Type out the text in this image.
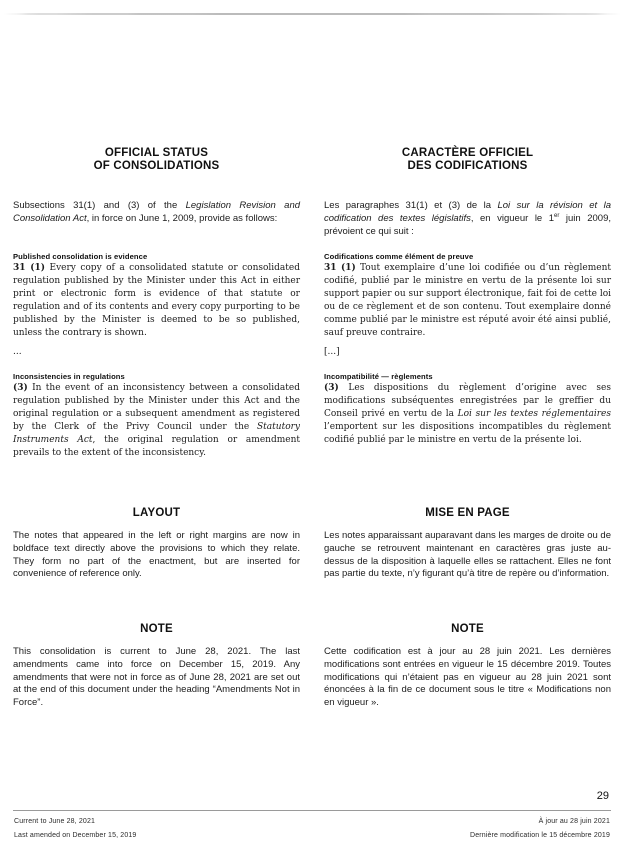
OFFICIAL STATUS
OF CONSOLIDATIONS
CARACTÈRE OFFICIEL
DES CODIFICATIONS

Subsections 31(1) and (3) of the Legislation Revision and Consolidation Act, in force on June 1, 2009, provide as follows:

Les paragraphes 31(1) et (3) de la Loi sur la révision et la codification des textes législatifs, en vigueur le 1er juin 2009, prévoient ce qui suit :

Published consolidation is evidence

31 (1) Every copy of a consolidated statute or consolidated regulation published by the Minister under this Act in either print or electronic form is evidence of that statute or regulation and of its contents and every copy purporting to be published by the Minister is deemed to be so published, unless the contrary is shown.

...
Codifications comme élément de preuve

31 (1) Tout exemplaire d’une loi codifiée ou d’un règlement codifié, publié par le ministre en vertu de la présente loi sur support papier ou sur support électronique, fait foi de cette loi ou de ce règlement et de son contenu. Tout exemplaire donné comme publié par le ministre est réputé avoir été ainsi publié, sauf preuve contraire.

[...]
Inconsistencies in regulations

(3) In the event of an inconsistency between a consolidated regulation published by the Minister under this Act and the original regulation or a subsequent amendment as registered by the Clerk of the Privy Council under the Statutory Instruments Act, the original regulation or amendment prevails to the extent of the inconsistency.

Incompatibilité — règlements

(3) Les dispositions du règlement d’origine avec ses modifications subséquentes enregistrées par le greffier du Conseil privé en vertu de la Loi sur les textes réglementaires l’emportent sur les dispositions incompatibles du règlement codifié publié par le ministre en vertu de la présente loi.

LAYOUT

The notes that appeared in the left or right margins are now in boldface text directly above the provisions to which they relate. They form no part of the enactment, but are inserted for convenience of reference only.

MISE EN PAGE

Les notes apparaissant auparavant dans les marges de droite ou de gauche se retrouvent maintenant en caractères gras juste au-dessus de la disposition à laquelle elles se rattachent. Elles ne font pas partie du texte, n’y figurant qu’à titre de repère ou d’information.

NOTE

This consolidation is current to June 28, 2021. The last amendments came into force on December 15, 2019. Any amendments that were not in force as of June 28, 2021 are set out at the end of this document under the heading “Amendments Not in Force”.

NOTE

Cette codification est à jour au 28 juin 2021. Les dernières modifications sont entrées en vigueur le 15 décembre 2019. Toutes modifications qui n’étaient pas en vigueur au 28 juin 2021 sont énoncées à la fin de ce document sous le titre « Modifications non en vigueur ».

29
Current to June 28, 2021
Last amended on December 15, 2019
À jour au 28 juin 2021
Dernière modification le 15 décembre 2019
